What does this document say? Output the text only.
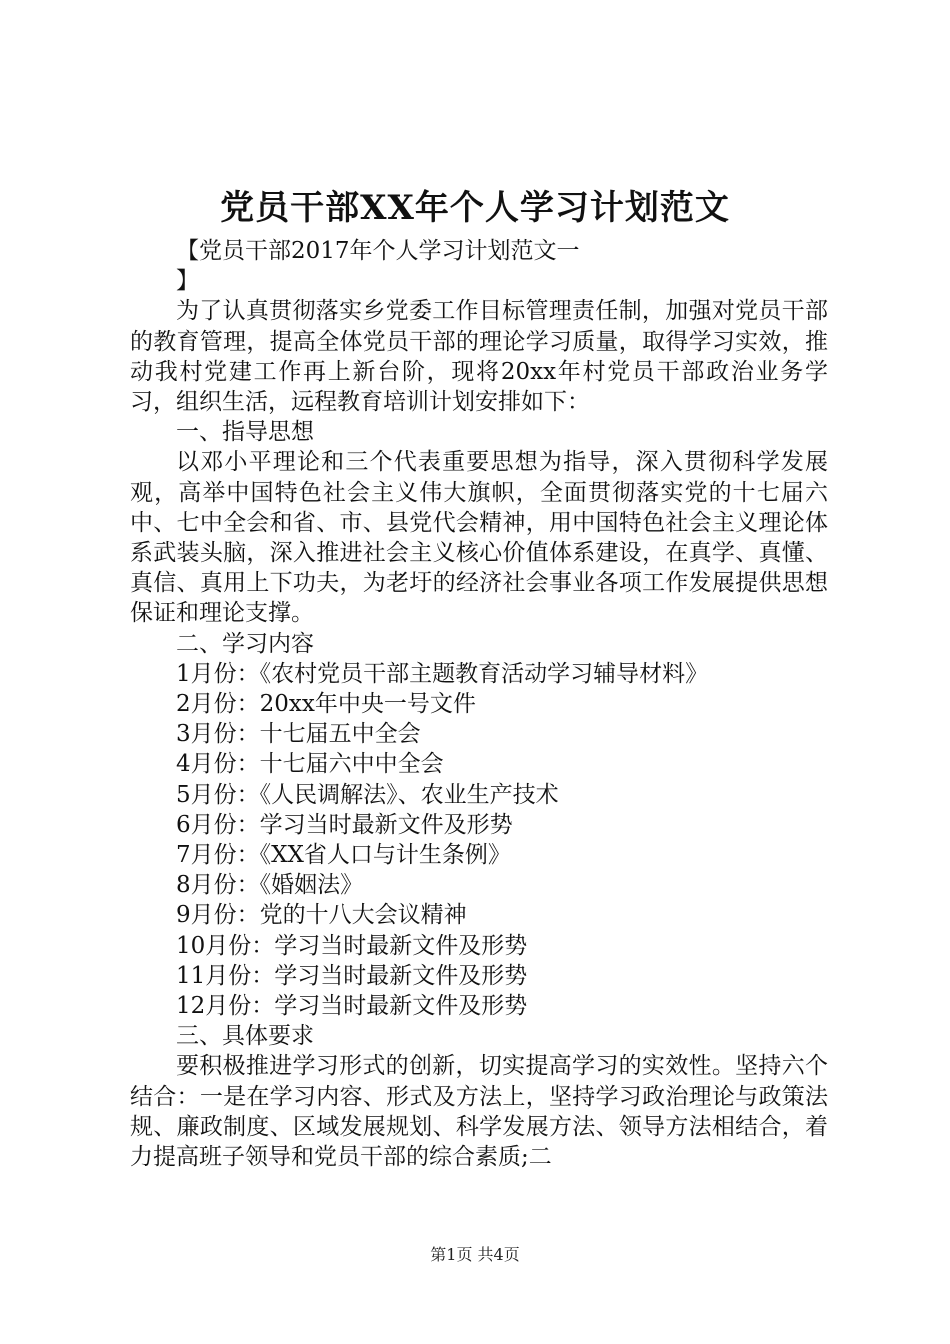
党员干部XX年个人学习计划范文

【党员干部2017年个人学习计划范文一

】

为了认真贯彻落实乡党委工作目标管理责任制，加强对党员干部的教育管理，提高全体党员干部的理论学习质量，取得学习实效，推动我村党建工作再上新台阶，现将20xx年村党员干部政治业务学习，组织生活，远程教育培训计划安排如下：

一、指导思想

以邓小平理论和三个代表重要思想为指导，深入贯彻科学发展观，高举中国特色社会主义伟大旗帜，全面贯彻落实党的十七届六中、七中全会和省、市、县党代会精神，用中国特色社会主义理论体系武装头脑，深入推进社会主义核心价值体系建设，在真学、真懂、真信、真用上下功夫，为老圩的经济社会事业各项工作发展提供思想保证和理论支撑。

二、学习内容

1月份：《农村党员干部主题教育活动学习辅导材料》

2月份：20xx年中央一号文件

3月份：十七届五中全会

4月份：十七届六中中全会

5月份：《人民调解法》、农业生产技术

6月份：学习当时最新文件及形势

7月份：《XX省人口与计生条例》

8月份：《婚姻法》

9月份：党的十八大会议精神

10月份：学习当时最新文件及形势

11月份：学习当时最新文件及形势

12月份：学习当时最新文件及形势

三、具体要求

要积极推进学习形式的创新，切实提高学习的实效性。坚持六个结合：一是在学习内容、形式及方法上，坚持学习政治理论与政策法规、廉政制度、区域发展规划、科学发展方法、领导方法相结合，着力提高班子领导和党员干部的综合素质;二

第1页 共4页
